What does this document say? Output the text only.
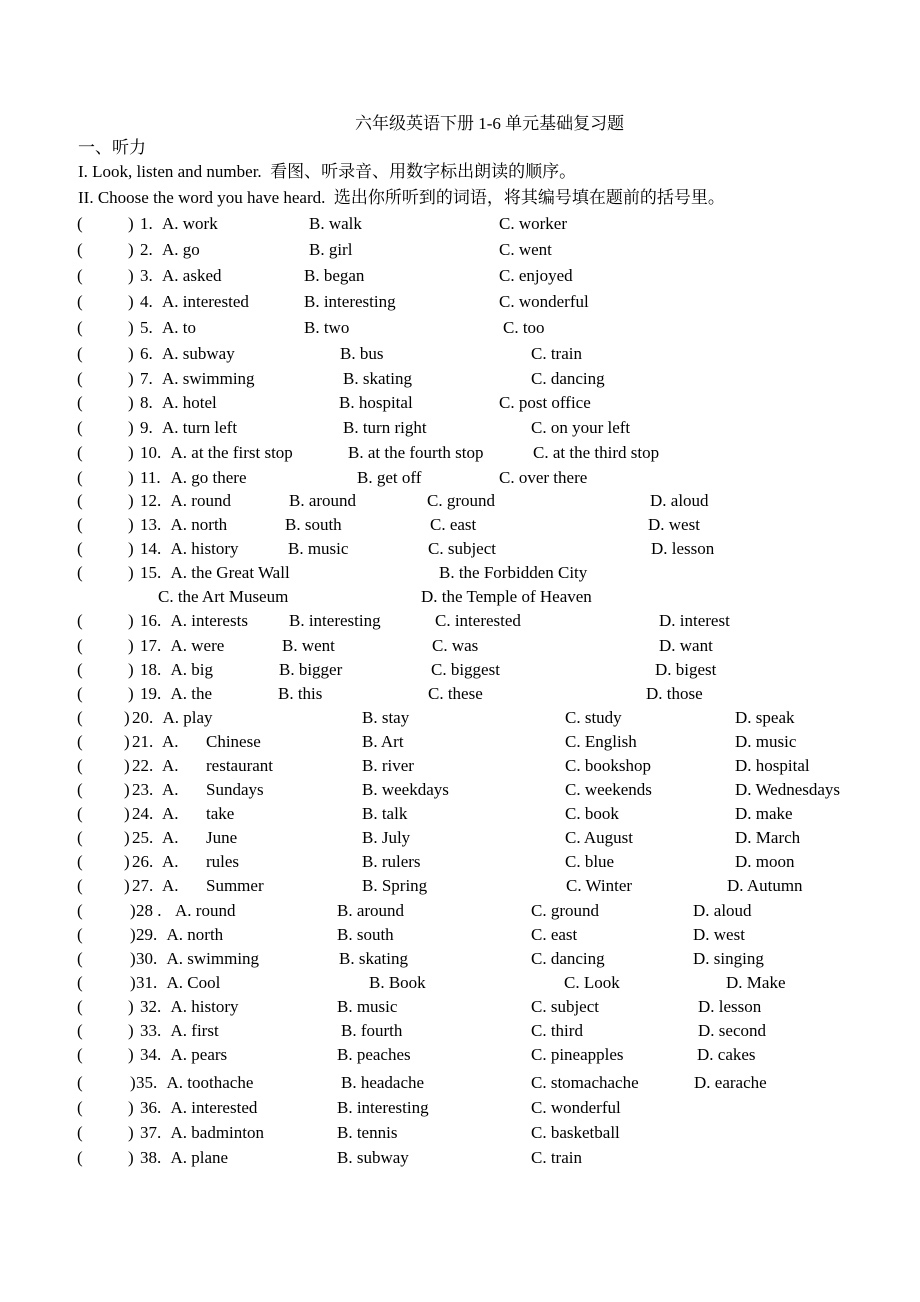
六年级英语下册 1-6 单元基础复习题
一、听力
I. Look, listen and number.  看图、听录音、用数字标出朗读的顺序。
II. Choose the word you have heard.  选出你所听到的词语，将其编号填在题前的括号里。
(	) 1. A. work	B. walk	C. worker
(	) 2. A. go	B. girl	C. went
(	) 3. A. asked	B. began	C. enjoyed
(	) 4. A. interested	B. interesting	C. wonderful
(	) 5. A. to	B. two	C. too
(	) 6. A. subway	B. bus	C. train
(	) 7. A. swimming	B. skating	C. dancing
(	) 8. A. hotel	B. hospital	C. post office
(	) 9. A. turn left	B. turn right	C. on your left
(	) 10. A. at the first stop	B. at the fourth stop	C. at the third stop
(	) 11. A. go there	B. get off	C. over there
(	) 12. A. round	B. around	C. ground	D. aloud
(	) 13. A. north	B. south	C. east	D. west
(	) 14. A. history	B. music	C. subject	D. lesson
(	) 15. A. the Great Wall	B. the Forbidden City
C. the Art Museum	D. the Temple of Heaven
(	) 16. A. interests B. interesting	C. interested	D. interest
(	) 17. A. were	B. went	C. was	D. want
(	) 18. A. big	B. bigger	C. biggest	D. bigest
(	) 19. A. the	B. this	C. these	D. those
( ) 20. A. play	B. stay	C. study	D. speak
( ) 21. A. Chinese	B. Art	C. English	D. music
( ) 22. A. restaurant	B. river	C. bookshop	D. hospital
( ) 23. A. Sundays	B. weekdays	C. weekends	D. Wednesdays
( ) 24. A. take	B. talk	C. book	D. make
( ) 25. A. June	B. July	C. August	D. March
( ) 26. A. rules	B. rulers	C. blue	D. moon
( ) 27. A. Summer	B. Spring	C. Winter	D. Autumn
(	) 28 . A. round	B. around	C. ground	D. aloud
(	) 29. A. north	B. south	C. east	D. west
(	) 30. A. swimming	B. skating	C. dancing	D. singing
(	) 31. A. Cool	B. Book	C. Look	D. Make
(	) 32. A. history	B. music	C. subject	D. lesson
(	) 33. A. first	B. fourth	C. third	D. second
(	) 34. A. pears	B. peaches	C. pineapples	D. cakes
(	) 35. A. toothache	B. headache	C. stomachache	D. earache
(	) 36. A. interested	B. interesting	C. wonderful
(	) 37. A. badminton	B. tennis	C. basketball
(	) 38. A. plane	B. subway	C. train
